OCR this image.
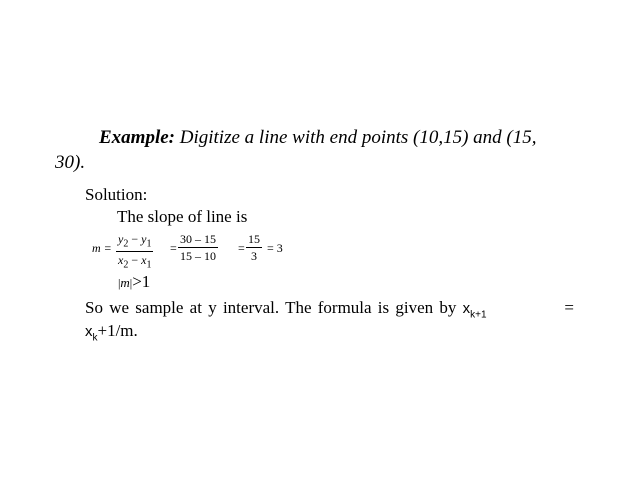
Example: Digitize a line with end points (10,15) and (15,
30).
Solution:
The slope of line is
$m = \frac{y_2 - y_1}{x_2 - x_1} = \frac{30 - 15}{15 - 10} = \frac{15}{3} = 3$
|m|>1
So we sample at y interval. The formula is given by $x_{k+1}$	=
$x_k+1/m$.
